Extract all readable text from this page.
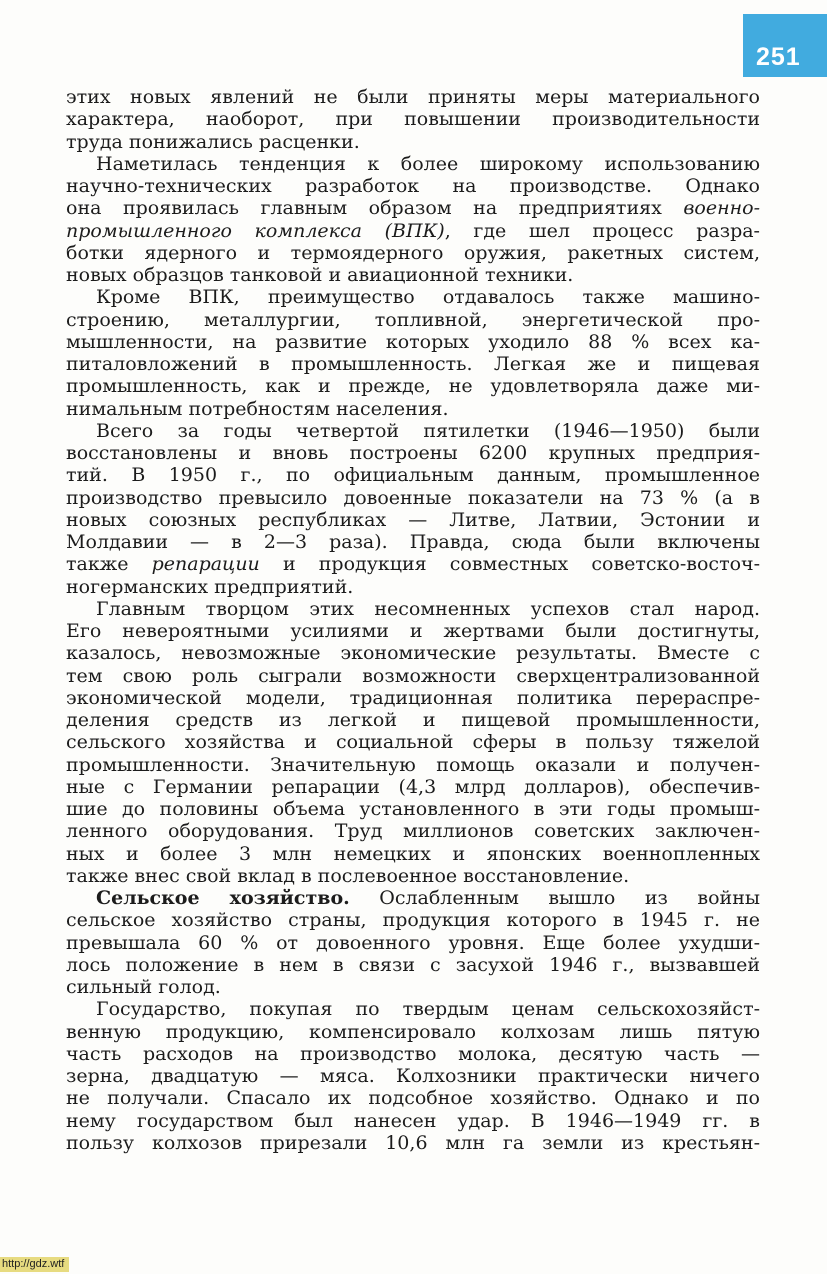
251
этих новых явлений не были приняты меры материального
характера, наоборот, при повышении производительности
труда понижались расценки.
Наметилась тенденция к более широкому использованию
научно-технических разработок на производстве. Однако
она проявилась главным образом на предприятиях военно-
промышленного комплекса (ВПК), где шел процесс разра-
ботки ядерного и термоядерного оружия, ракетных систем,
новых образцов танковой и авиационной техники.
Кроме ВПК, преимущество отдавалось также машино-
строению, металлургии, топливной, энергетической про-
мышленности, на развитие которых уходило 88 % всех ка-
питаловложений в промышленность. Легкая же и пищевая
промышленность, как и прежде, не удовлетворяла даже ми-
нимальным потребностям населения.
Всего за годы четвертой пятилетки (1946—1950) были
восстановлены и вновь построены 6200 крупных предприя-
тий. В 1950 г., по официальным данным, промышленное
производство превысило довоенные показатели на 73 % (а в
новых союзных республиках — Литве, Латвии, Эстонии и
Молдавии — в 2—3 раза). Правда, сюда были включены
также репарации и продукция совместных советско-восточ-
ногерманских предприятий.
Главным творцом этих несомненных успехов стал народ.
Его невероятными усилиями и жертвами были достигнуты,
казалось, невозможные экономические результаты. Вместе с
тем свою роль сыграли возможности сверхцентрализованной
экономической модели, традиционная политика перераспре-
деления средств из легкой и пищевой промышленности,
сельского хозяйства и социальной сферы в пользу тяжелой
промышленности. Значительную помощь оказали и получен-
ные с Германии репарации (4,3 млрд долларов), обеспечив-
шие до половины объема установленного в эти годы промыш-
ленного оборудования. Труд миллионов советских заключен-
ных и более 3 млн немецких и японских военнопленных
также внес свой вклад в послевоенное восстановление.
Сельское хозяйство. Ослабленным вышло из войны
сельское хозяйство страны, продукция которого в 1945 г. не
превышала 60 % от довоенного уровня. Еще более ухудши-
лось положение в нем в связи с засухой 1946 г., вызвавшей
сильный голод.
Государство, покупая по твердым ценам сельскохозяйст-
венную продукцию, компенсировало колхозам лишь пятую
часть расходов на производство молока, десятую часть —
зерна, двадцатую — мяса. Колхозники практически ничего
не получали. Спасало их подсобное хозяйство. Однако и по
нему государством был нанесен удар. В 1946—1949 гг. в
пользу колхозов прирезали 10,6 млн га земли из крестьян-
http://gdz.wtf
